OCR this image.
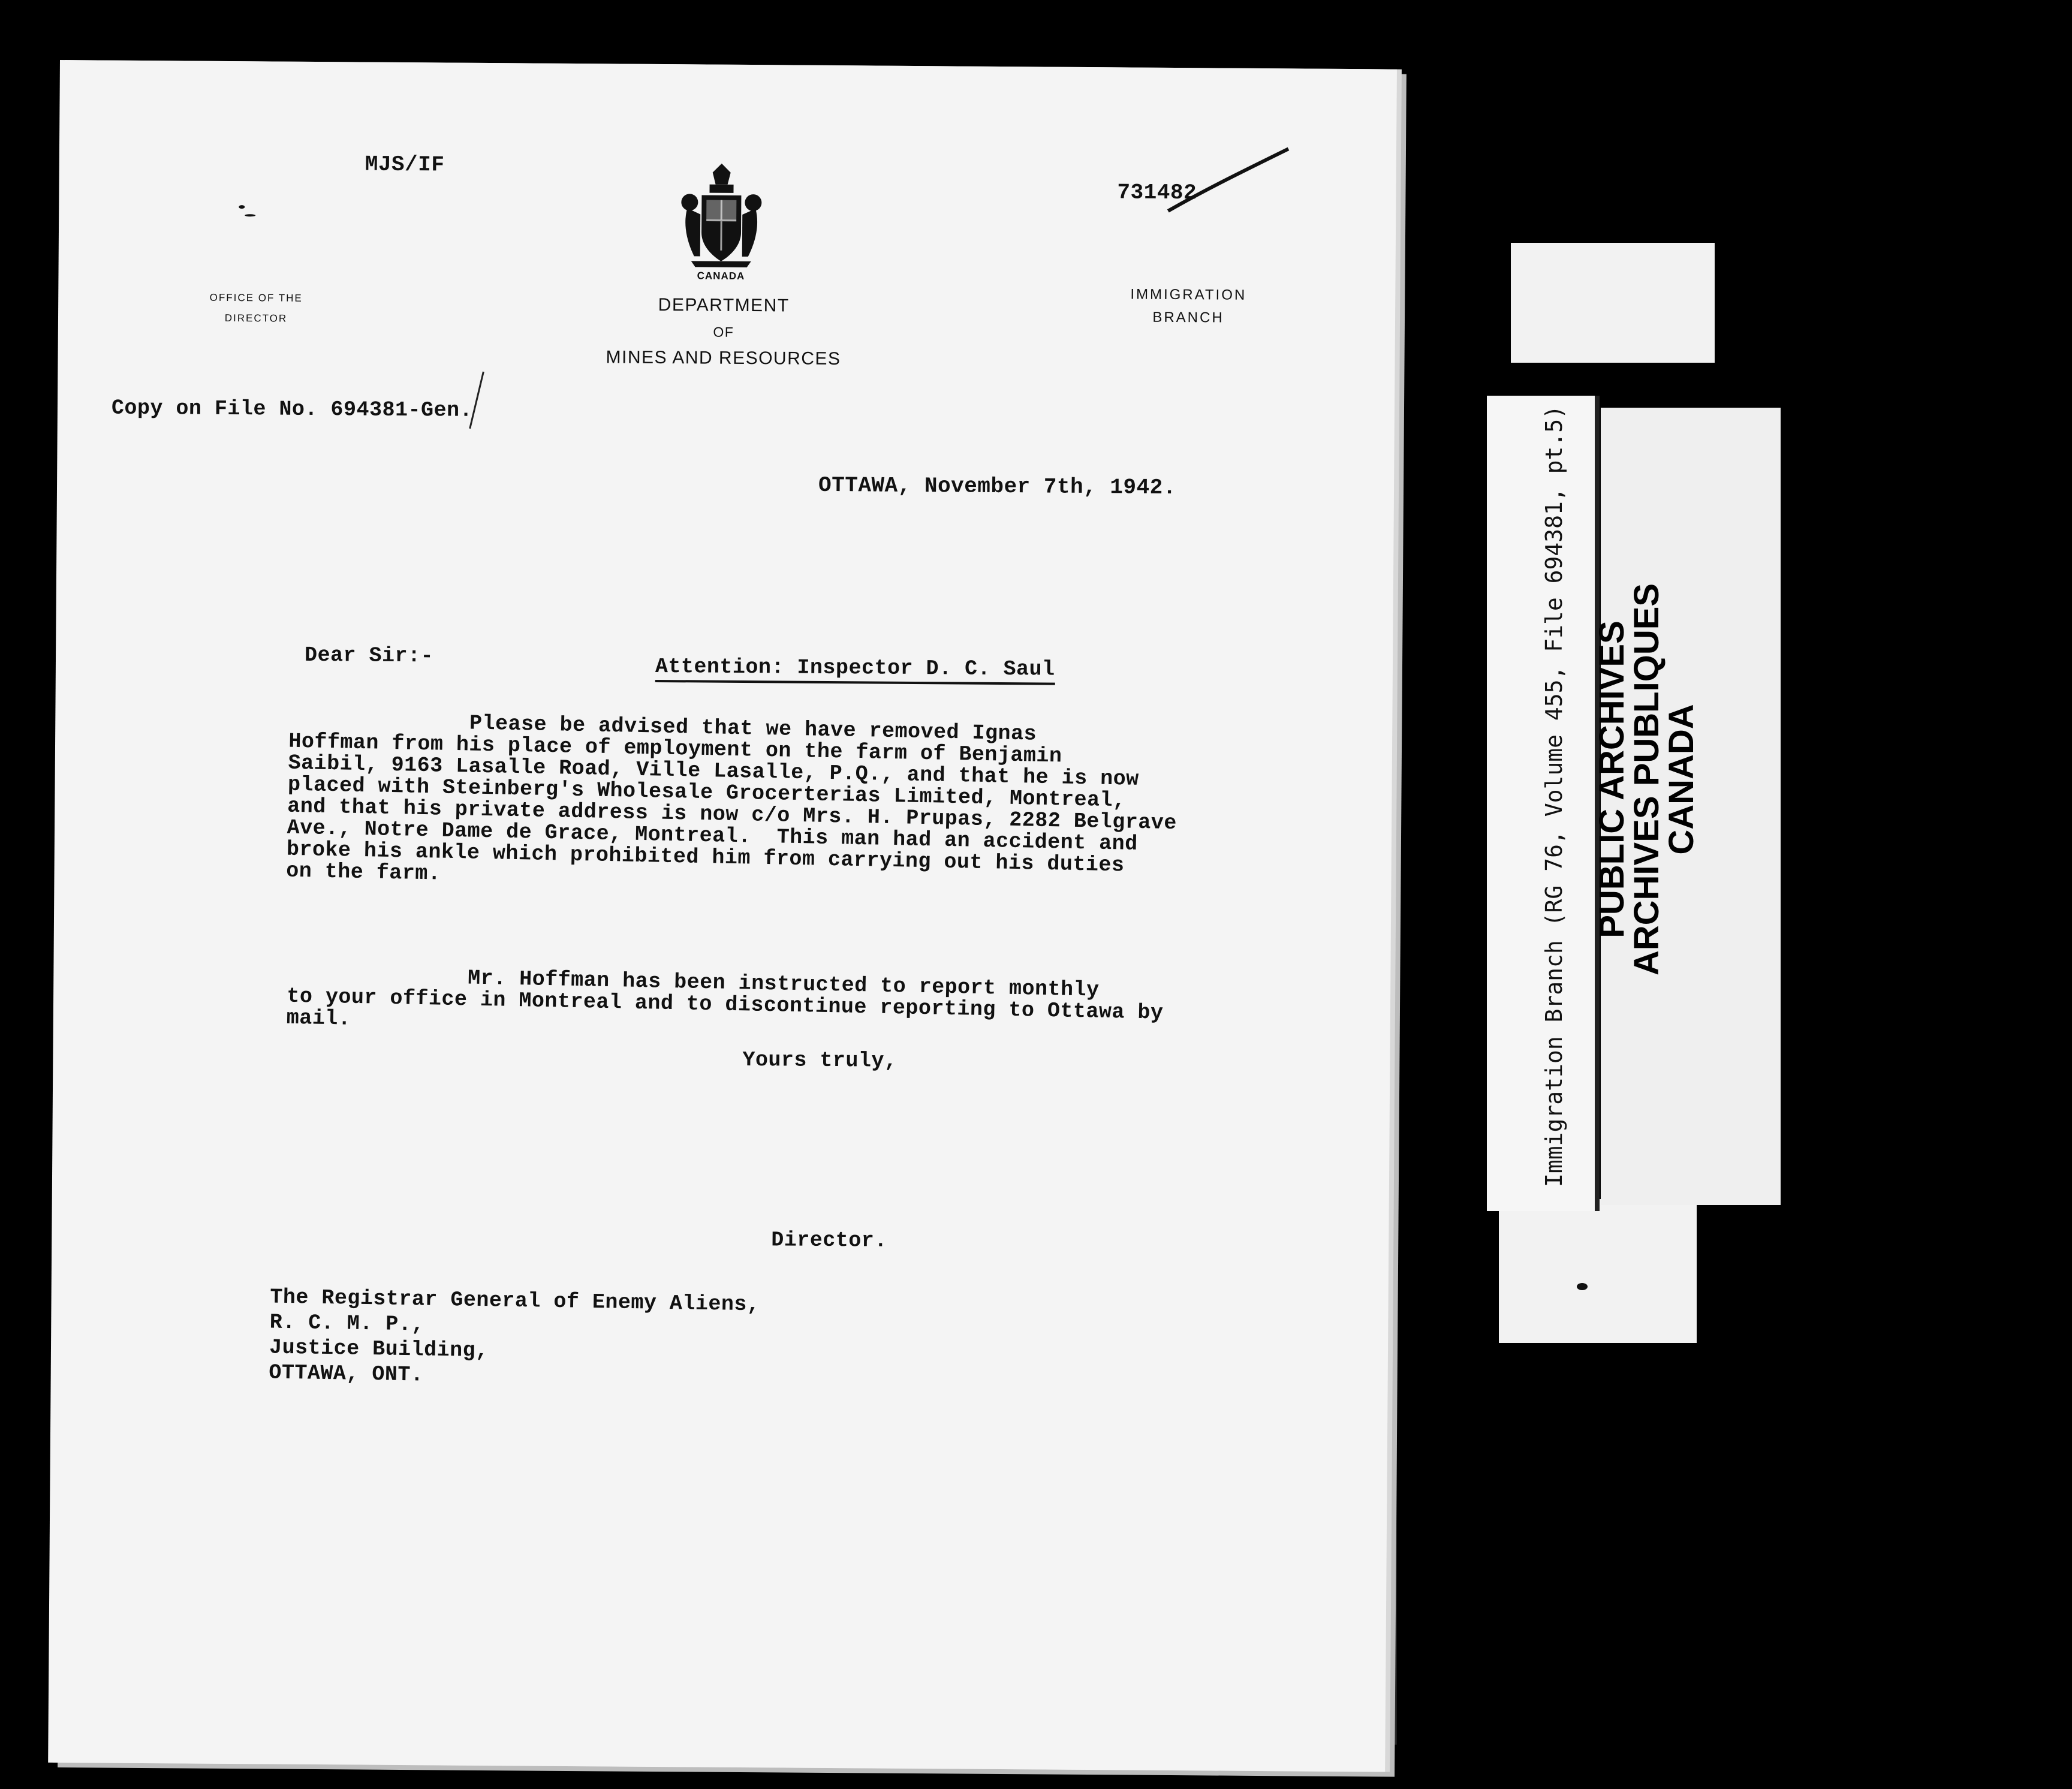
MJS/IF
731482
OFFICE OF THE DIRECTOR
CANADA
DEPARTMENT
OF
MINES AND RESOURCES
IMMIGRATION BRANCH
Copy on File No. 694381-Gen.
OTTAWA, November 7th, 1942.
Dear Sir:-	Attention: Inspector D. C. Saul
Please be advised that we have removed Ignas
Hoffman from his place of employment on the farm of Benjamin
Saibil, 9163 Lasalle Road, Ville Lasalle, P.Q., and that he is now
placed with Steinberg's Wholesale Grocerterias Limited, Montreal,
and that his private address is now c/o Mrs. H. Prupas, 2282 Belgrave
Ave., Notre Dame de Grace, Montreal.  This man had an accident and
broke his ankle which prohibited him from carrying out his duties
on the farm.
Mr. Hoffman has been instructed to report monthly
to your office in Montreal and to discontinue reporting to Ottawa by
mail.
Yours truly,
Director.
The Registrar General of Enemy Aliens,
R. C. M. P.,
Justice Building,
OTTAWA, ONT.
Immigration Branch (RG 76, Volume 455, File 694381, pt.5) PUBLIC ARCHIVES
ARCHIVES PUBLIQUES
CANADA
